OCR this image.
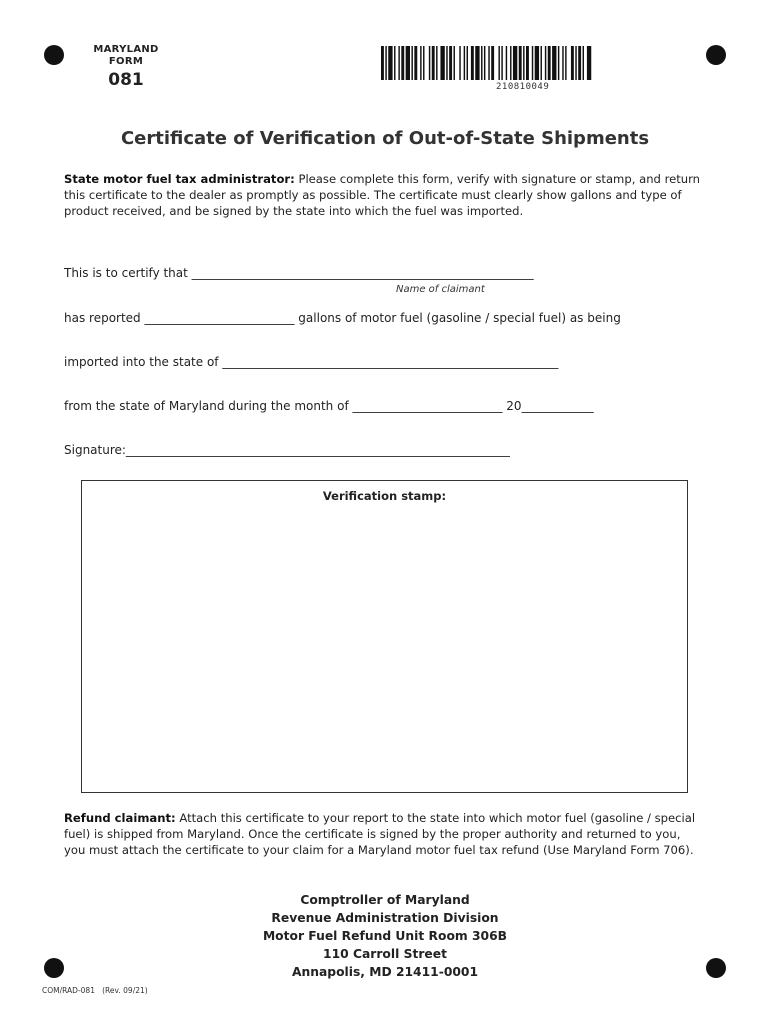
MARYLAND
FORM
081	210810049
Certificate of Verification of Out-of-State Shipments
State motor fuel tax administrator: Please complete this form, verify with signature or stamp, and return this certificate to the dealer as promptly as possible. The certificate must clearly show gallons and type of product received, and be signed by the state into which the fuel was imported.
This is to certify that _________________________________________________________
Name of claimant
has reported _________________________ gallons of motor fuel (gasoline / special fuel) as being
imported into the state of ________________________________________________________
from the state of Maryland during the month of _________________________ 20____________
Signature:________________________________________________________________
Verification stamp:
Refund claimant: Attach this certificate to your report to the state into which motor fuel (gasoline / special fuel) is shipped from Maryland. Once the certificate is signed by the proper authority and returned to you, you must attach the certificate to your claim for a Maryland motor fuel tax refund (Use Maryland Form 706).
Comptroller of Maryland
Revenue Administration Division
Motor Fuel Refund Unit Room 306B
110 Carroll Street
Annapolis, MD 21411-0001
COM/RAD-081   (Rev. 09/21)
